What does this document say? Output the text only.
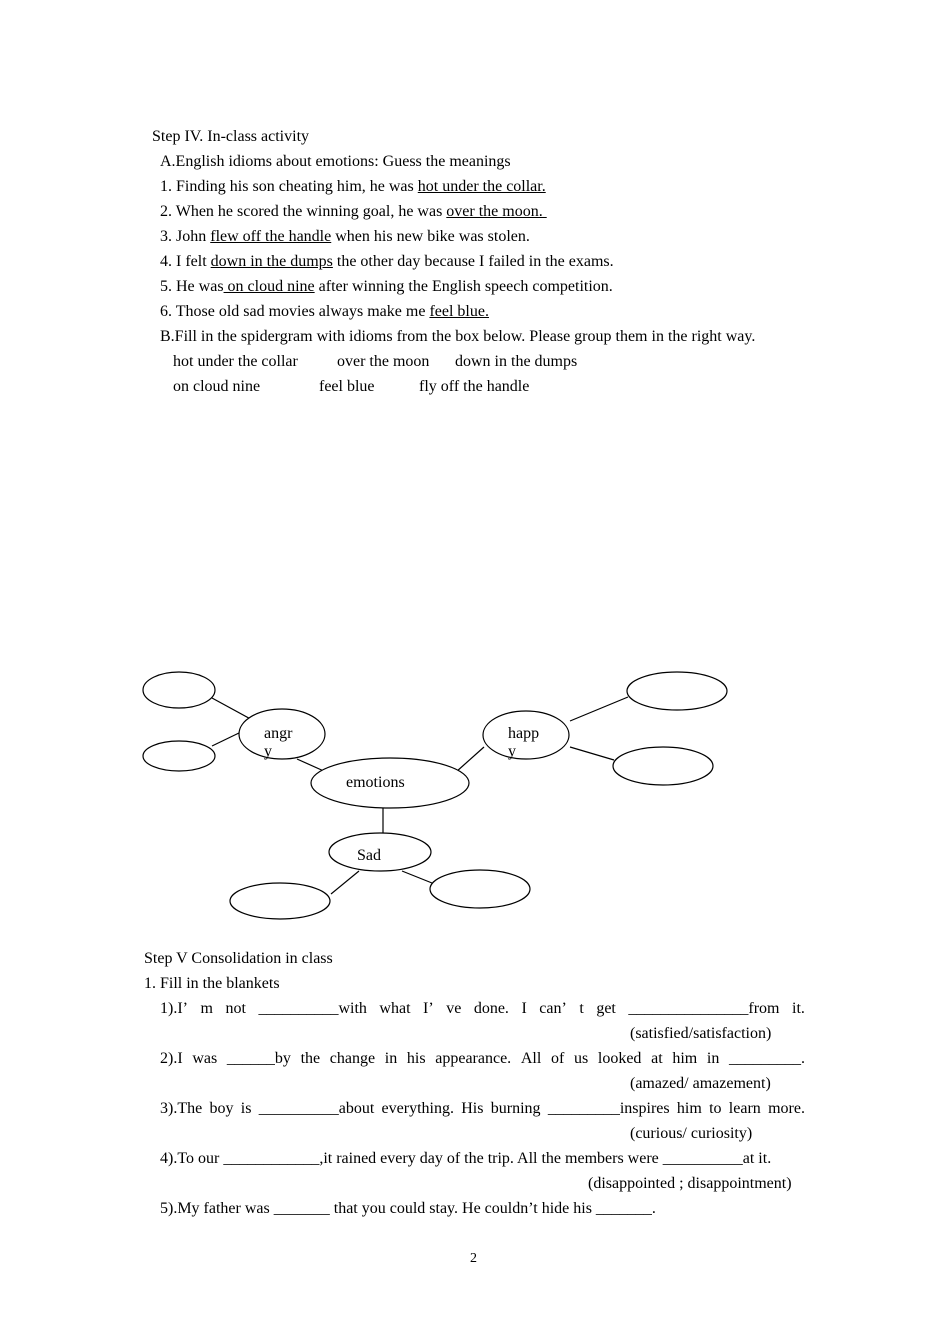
Step IV. In-class activity
A.English idioms about emotions: Guess the meanings
1. Finding his son cheating him, he was hot under the collar.
2. When he scored the winning goal, he was over the moon.
3. John flew off the handle when his new bike was stolen.
4. I felt down in the dumps the other day because I failed in the exams.
5. He was on cloud nine after winning the English speech competition.
6. Those old sad movies always make me feel blue.
B.Fill in the spidergram with idioms from the box below. Please group them in the right way.
hot under the collar over the moon down in the dumps
on cloud nine	feel blue	fly off the handle
angr
y
happ
y
emotions
Sad
Step V Consolidation in class
1. Fill in the blankets
1).I’ m not __________with what I’ ve done. I can’ t get _______________from it.
(satisfied/satisfaction)
2).I was ______by the change in his appearance. All of us looked at him in _________.
(amazed/ amazement)
3).The boy is __________about everything. His burning _________inspires him to learn more.
(curious/ curiosity)
4).To our ____________,it rained every day of the trip. All the members were __________at it.
(disappointed ; disappointment)
5).My father was _______ that you could stay. He couldn’t hide his _______.
2
